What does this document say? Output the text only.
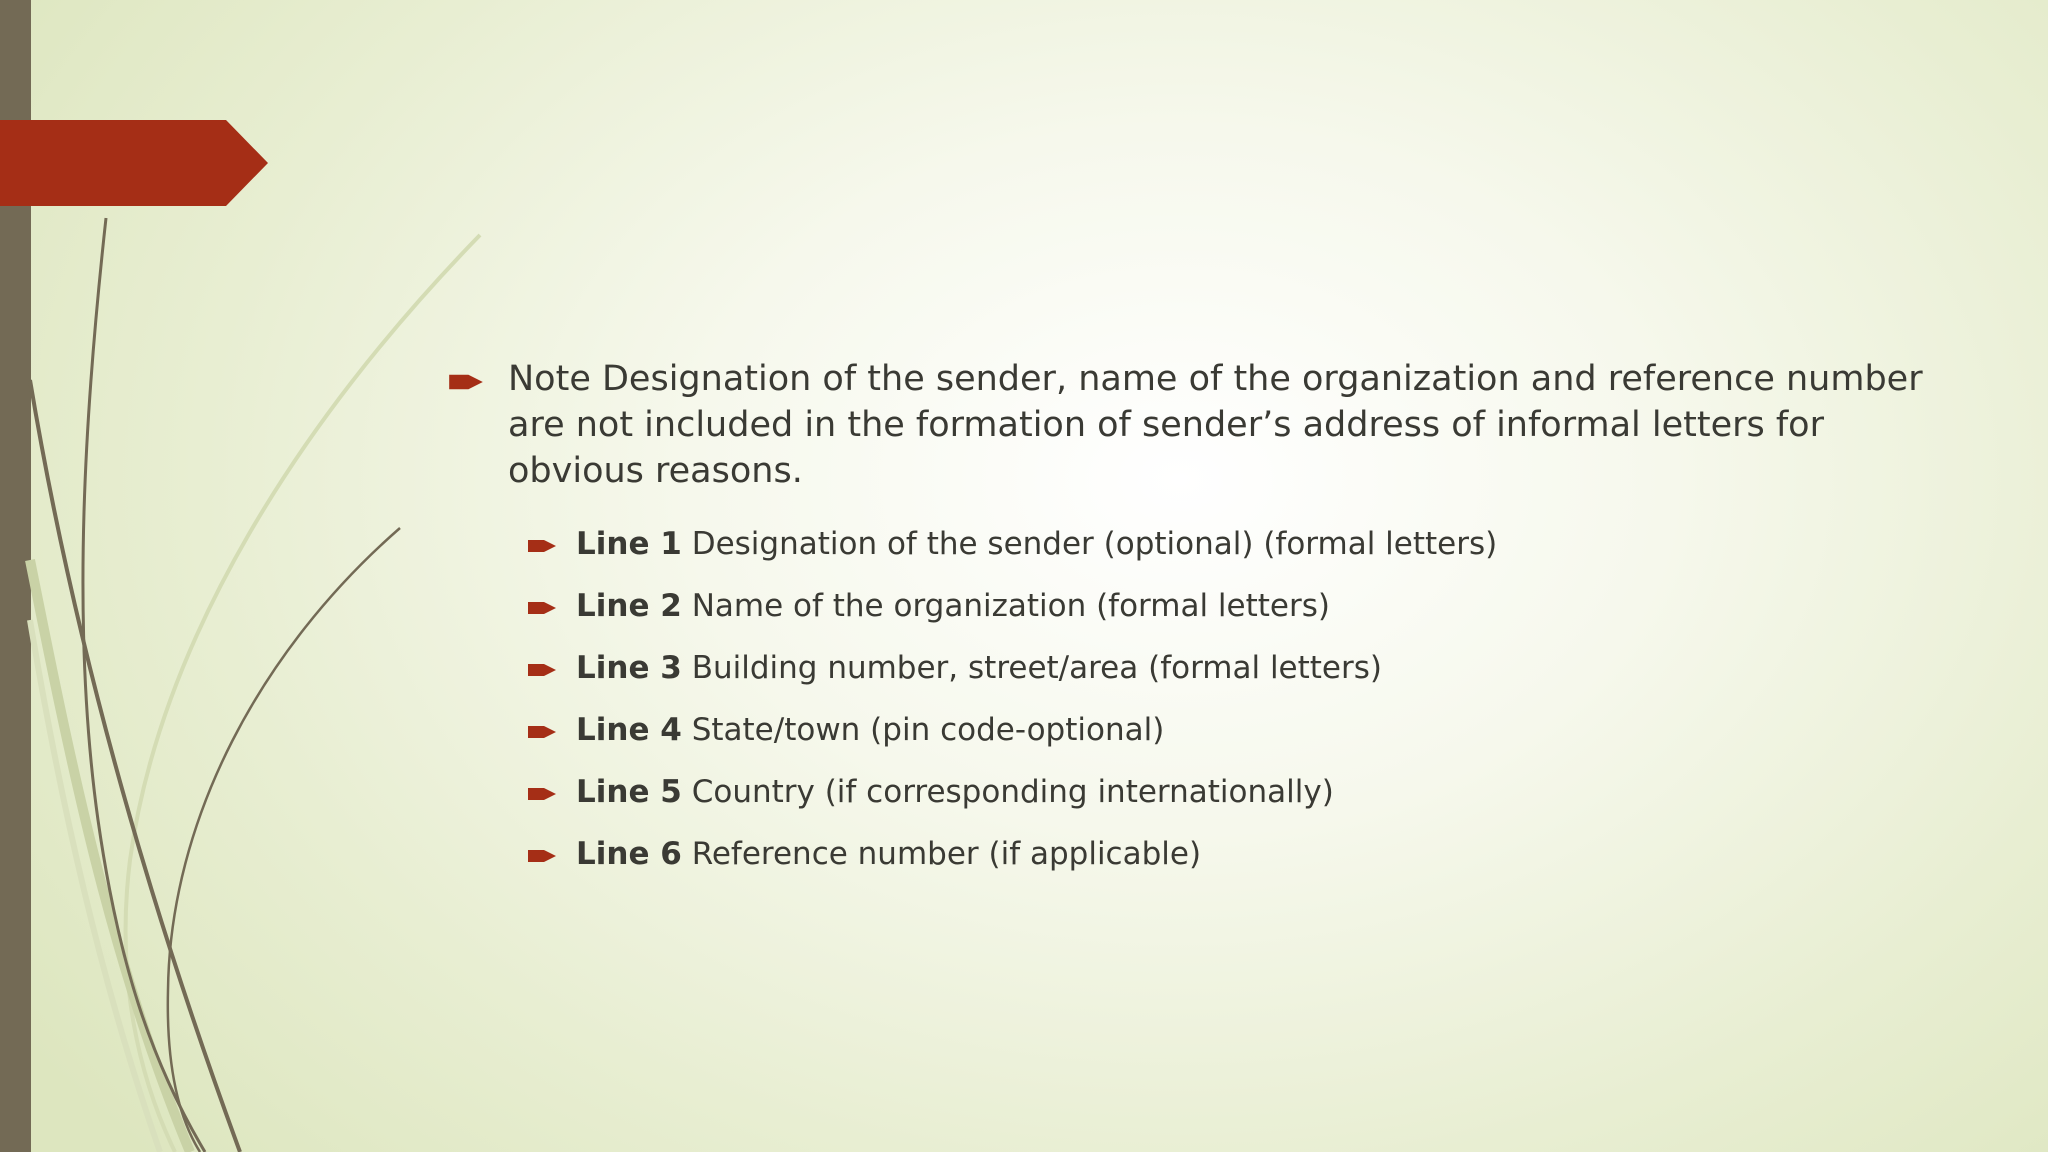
Note Designation of the sender, name of the organization and reference number are not included in the formation of sender’s address of informal letters for obvious reasons.
Line 1 Designation of the sender (optional) (formal letters)
Line 2 Name of the organization (formal letters)
Line 3 Building number, street/area (formal letters)
Line 4 State/town (pin code-optional)
Line 5 Country (if corresponding internationally)
Line 6 Reference number (if applicable)
